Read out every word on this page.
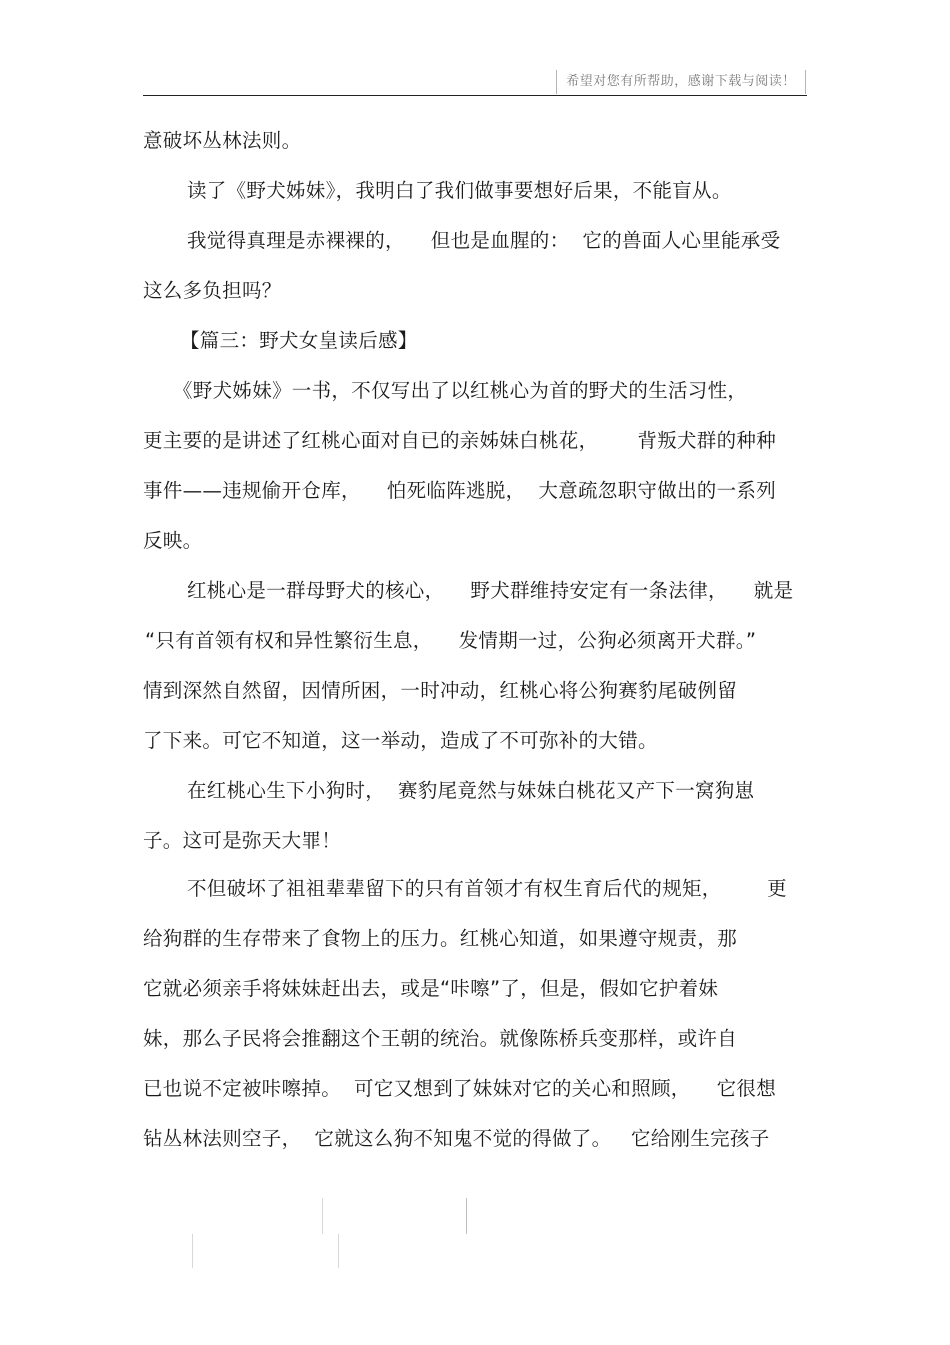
希望对您有所帮助，感谢下载与阅读！
意破坏丛林法则。
读了《野犬姊妹》，我明白了我们做事要想好后果，不能盲从。
我觉得真理是赤裸裸的，    但也是血腥的：  它的兽面人心里能承受
这么多负担吗？
【篇三：野犬女皇读后感】
《野犬姊妹》一书，不仅写出了以红桃心为首的野犬的生活习性，
更主要的是讲述了红桃心面对自已的亲姊妹白桃花，      背叛犬群的种种
事件——违规偷开仓库，    怕死临阵逃脱，  大意疏忽职守做出的一系列
反映。
红桃心是一群母野犬的核心，    野犬群维持安定有一条法律，    就是
“只有首领有权和异性繁衍生息，    发情期一过，公狗必须离开犬群。”
情到深然自然留，因情所困，一时冲动，红桃心将公狗赛豹尾破例留
了下来。可它不知道，这一举动，造成了不可弥补的大错。
在红桃心生下小狗时，  赛豹尾竟然与妹妹白桃花又产下一窝狗崽
子。这可是弥天大罪！
不但破坏了祖祖辈辈留下的只有首领才有权生育后代的规矩，       更
给狗群的生存带来了食物上的压力。红桃心知道，如果遵守规责，那
它就必须亲手将妹妹赶出去，或是“咔嚓”了，但是，假如它护着妹
妹，那么子民将会推翻这个王朝的统治。就像陈桥兵变那样，或许自
已也说不定被咔嚓掉。  可它又想到了妹妹对它的关心和照顾，    它很想
钻丛林法则空子，  它就这么狗不知鬼不觉的得做了。   它给刚生完孩子
